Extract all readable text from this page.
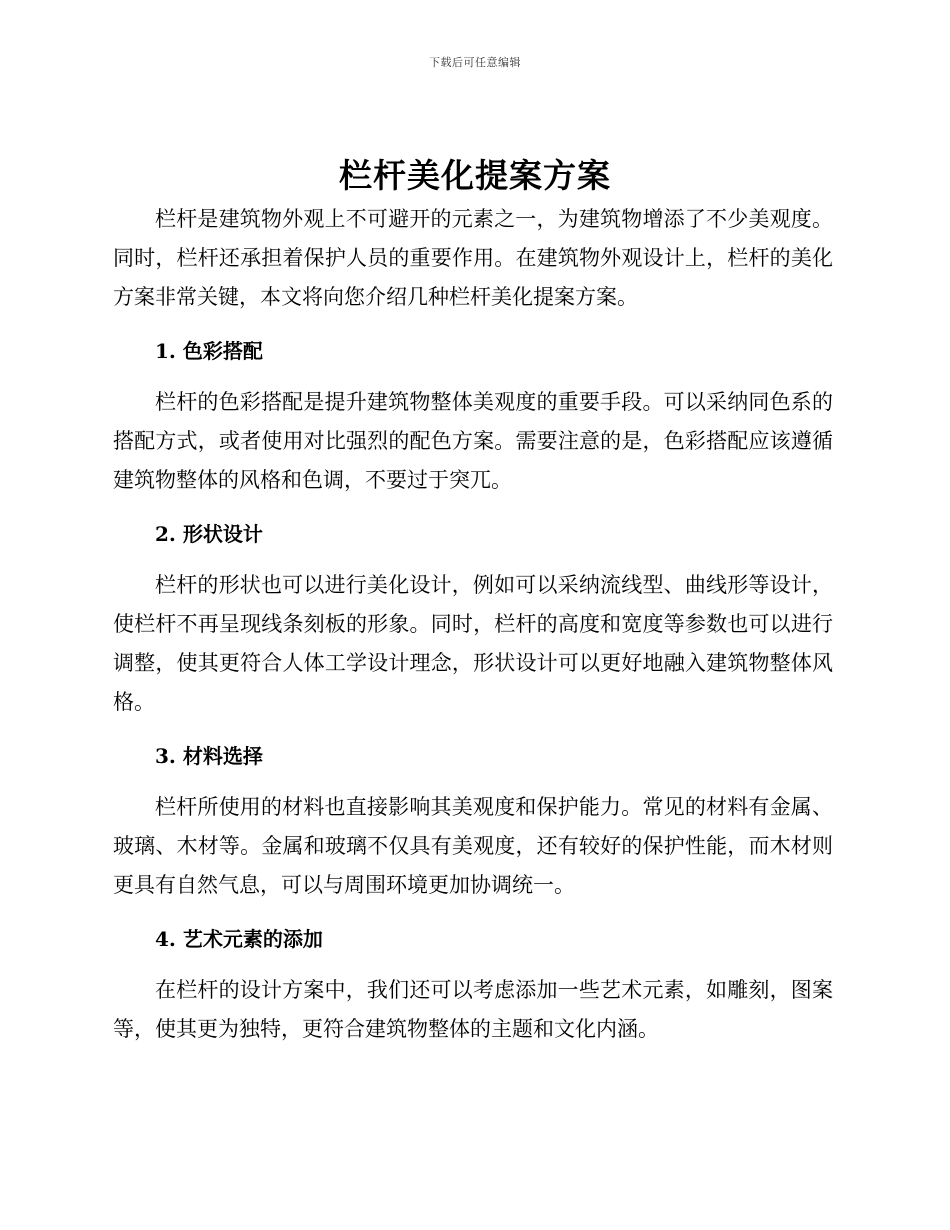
下载后可任意编辑
栏杆美化提案方案

栏杆是建筑物外观上不可避开的元素之一，为建筑物增添了不少美观度。同时，栏杆还承担着保护人员的重要作用。在建筑物外观设计上，栏杆的美化方案非常关键，本文将向您介绍几种栏杆美化提案方案。

1. 色彩搭配

栏杆的色彩搭配是提升建筑物整体美观度的重要手段。可以采纳同色系的搭配方式，或者使用对比强烈的配色方案。需要注意的是，色彩搭配应该遵循建筑物整体的风格和色调，不要过于突兀。

2. 形状设计

栏杆的形状也可以进行美化设计，例如可以采纳流线型、曲线形等设计，使栏杆不再呈现线条刻板的形象。同时，栏杆的高度和宽度等参数也可以进行调整，使其更符合人体工学设计理念，形状设计可以更好地融入建筑物整体风格。

3. 材料选择

栏杆所使用的材料也直接影响其美观度和保护能力。常见的材料有金属、玻璃、木材等。金属和玻璃不仅具有美观度，还有较好的保护性能，而木材则更具有自然气息，可以与周围环境更加协调统一。

4. 艺术元素的添加

在栏杆的设计方案中，我们还可以考虑添加一些艺术元素，如雕刻，图案等，使其更为独特，更符合建筑物整体的主题和文化内涵。
